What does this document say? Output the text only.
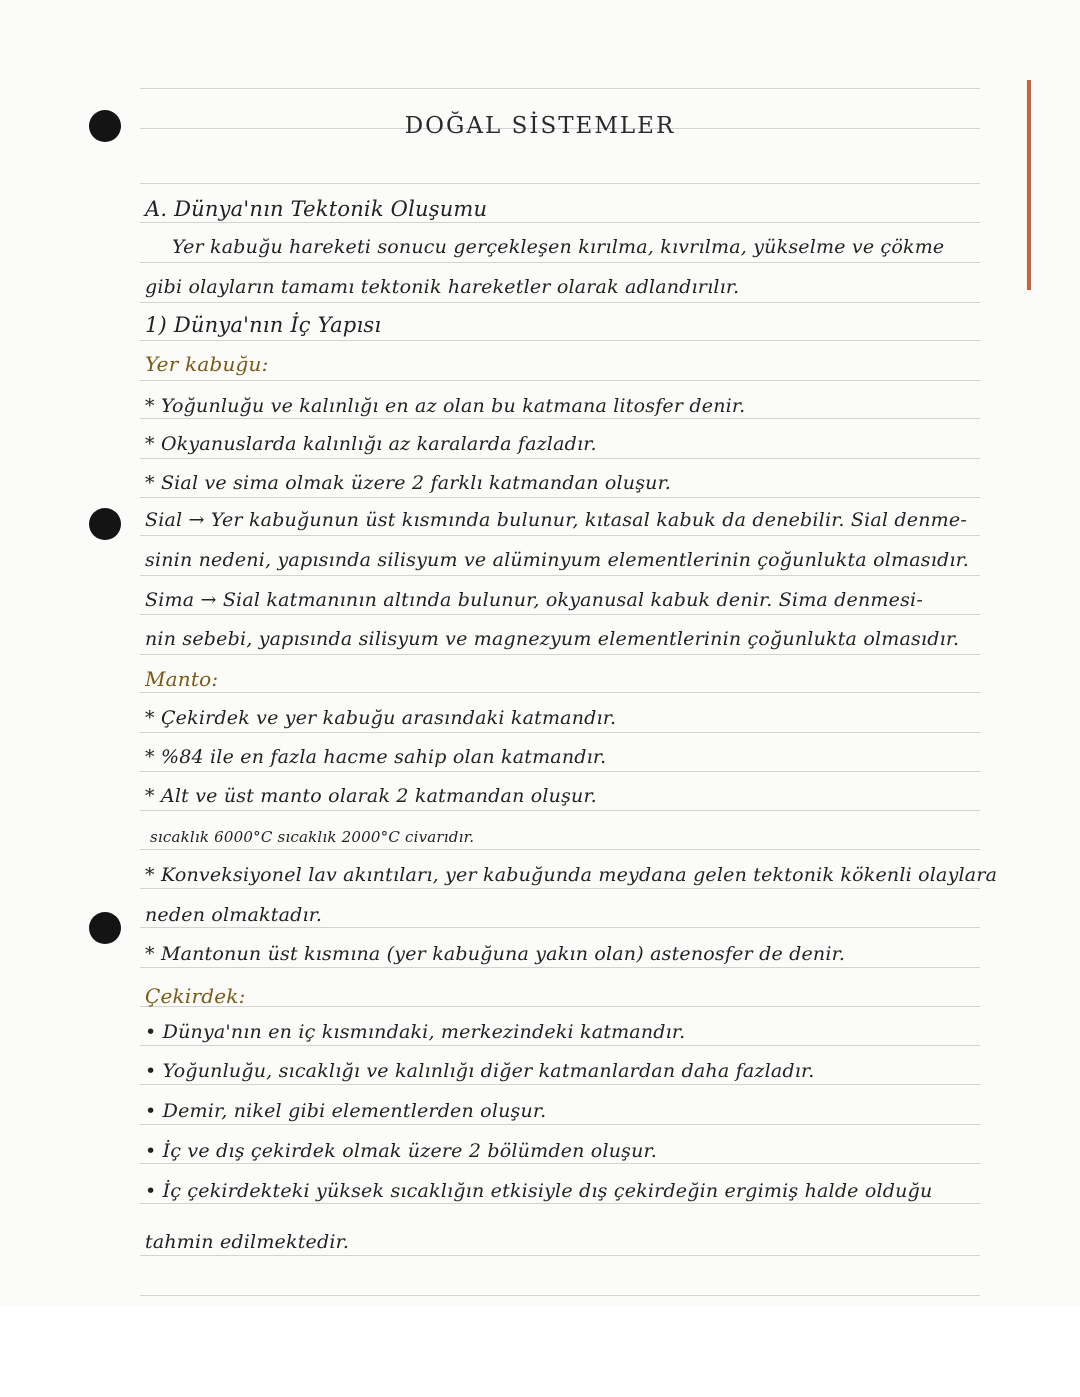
DOĞAL SİSTEMLER
A. Dünya'nın Tektonik Oluşumu
Yer kabuğu hareketi sonucu gerçekleşen kırılma, kıvrılma, yükselme ve çökme
gibi olayların tamamı tektonik hareketler olarak adlandırılır.
1) Dünya'nın İç Yapısı
Yer kabuğu:
* Yoğunluğu ve kalınlığı en az olan bu katmana litosfer denir.
* Okyanuslarda kalınlığı az karalarda fazladır.
* Sial ve sima olmak üzere 2 farklı katmandan oluşur.
Sial → Yer kabuğunun üst kısmında bulunur, kıtasal kabuk da denebilir. Sial denme-
sinin nedeni, yapısında silisyum ve alüminyum elementlerinin çoğunlukta olmasıdır.
Sima → Sial katmanının altında bulunur, okyanusal kabuk denir. Sima denmesi-
nin sebebi, yapısında silisyum ve magnezyum elementlerinin çoğunlukta olmasıdır.
Manto:
* Çekirdek ve yer kabuğu arasındaki katmandır.
* %84 ile en fazla hacme sahip olan katmandır.
* Alt ve üst manto olarak 2 katmandan oluşur.
sıcaklık 6000°C sıcaklık 2000°C civarıdır.
* Konveksiyonel lav akıntıları, yer kabuğunda meydana gelen tektonik kökenli olaylara
neden olmaktadır.
* Mantonun üst kısmına (yer kabuğuna yakın olan) astenosfer de denir.
Çekirdek:
• Dünya'nın en iç kısmındaki, merkezindeki katmandır.
• Yoğunluğu, sıcaklığı ve kalınlığı diğer katmanlardan daha fazladır.
• Demir, nikel gibi elementlerden oluşur.
• İç ve dış çekirdek olmak üzere 2 bölümden oluşur.
• İç çekirdekteki yüksek sıcaklığın etkisiyle dış çekirdeğin ergimiş halde olduğu
tahmin edilmektedir.
